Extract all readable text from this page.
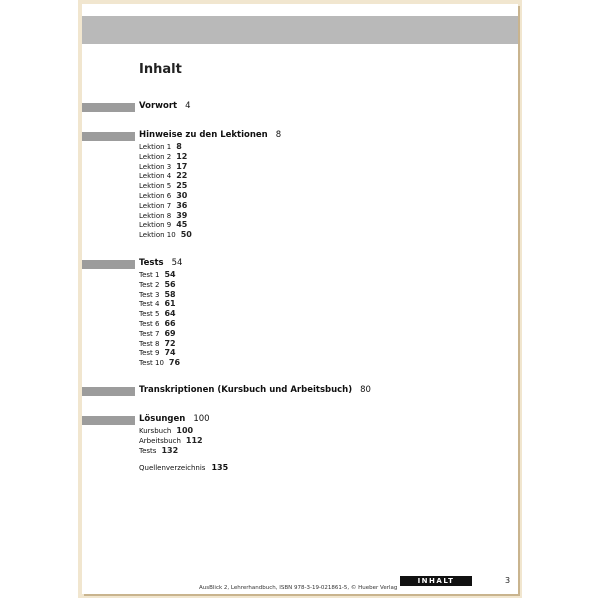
Inhalt
Vorwort 4
Hinweise zu den Lektionen 8
Lektion 1 8
Lektion 2 12
Lektion 3 17
Lektion 4 22
Lektion 5 25
Lektion 6 30
Lektion 7 36
Lektion 8 39
Lektion 9 45
Lektion 10 50
Tests 54
Test 1 54
Test 2 56
Test 3 58
Test 4 61
Test 5 64
Test 6 66
Test 7 69
Test 8 72
Test 9 74
Test 10 76
Transkriptionen (Kursbuch und Arbeitsbuch) 80
Lösungen 100
Kursbuch 100
Arbeitsbuch 112
Tests 132
Quellenverzeichnis 135
INHALT	3
AusBlick 2, Lehrerhandbuch, ISBN 978-3-19-021861-5, © Hueber Verlag
